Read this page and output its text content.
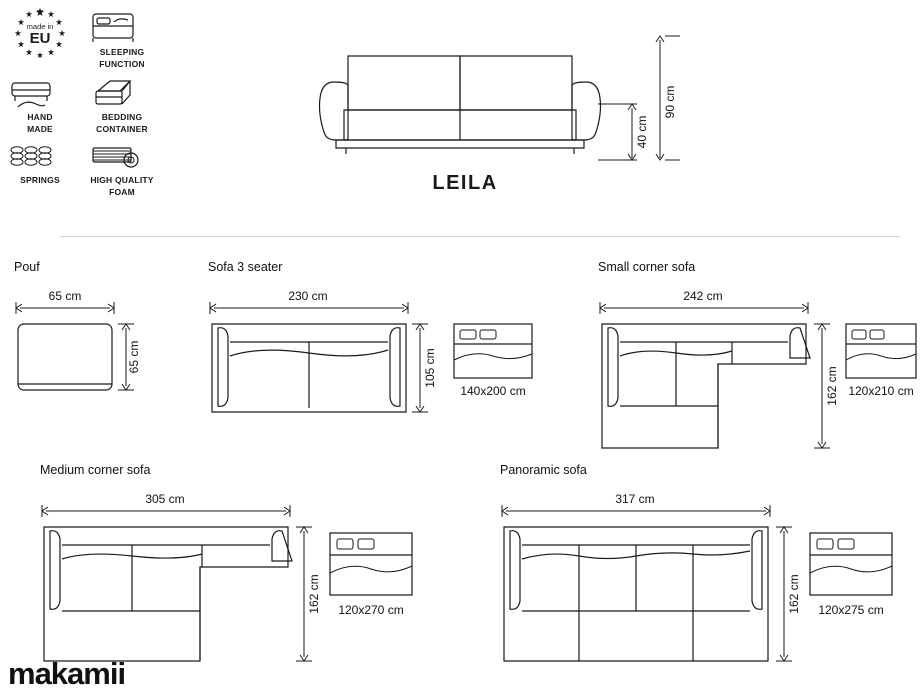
made in
EU
SLEEPING
FUNCTION
HAND
MADE
BEDDING
CONTAINER
SPRINGS	HIGH QUALITY
FOAM	LEILA
90 cm
40 cm
Pouf
65 cm
65 cm
Sofa 3 seater
230 cm
105 cm
140x200 cm
Small corner sofa
242 cm
162 cm 120x210 cm
Medium corner sofa
305 cm
162 cm 120x270 cm
Panoramic sofa
317 cm
162 cm 120x275 cm
makamii
